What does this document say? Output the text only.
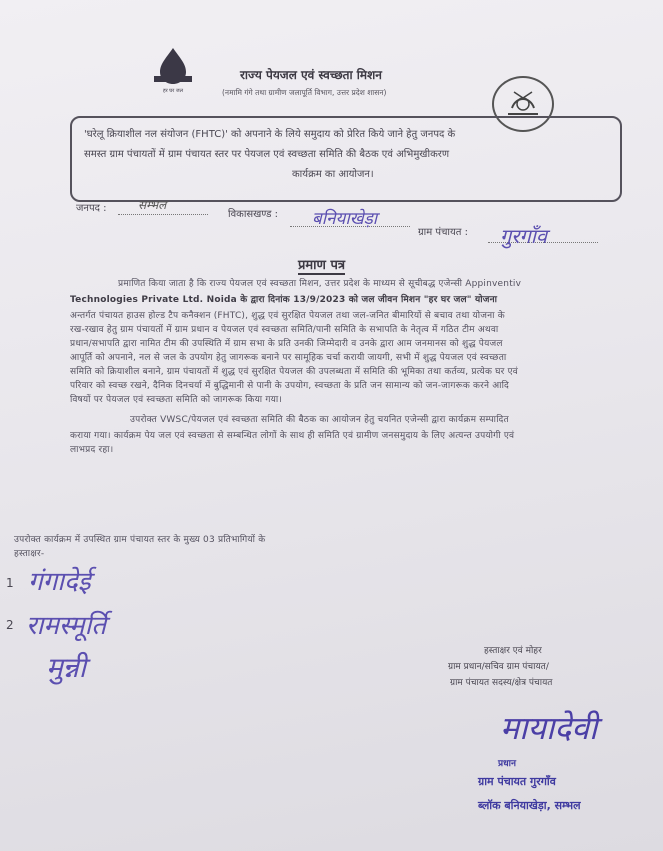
हर घर जल
राज्य पेयजल एवं स्वच्छता मिशन
(नमामि गंगे तथा ग्रामीण जलापूर्ति विभाग, उत्तर प्रदेश शासन)
'घरेलू क्रियाशील नल संयोजन (FHTC)' को अपनाने के लिये समुदाय को प्रेरित किये जाने हेतु जनपद के
समस्त ग्राम पंचायतों में ग्राम पंचायत स्तर पर पेयजल एवं स्वच्छता समिति की बैठक एवं अभिमुखीकरण
कार्यक्रम का आयोजन।
जनपद :	सम्भल
विकासखण्ड : बनियाखेड़ा
ग्राम पंचायत : गुरगाँव
प्रमाण पत्र
प्रमाणित किया जाता है कि राज्य पेयजल एवं स्वच्छता मिशन, उत्तर प्रदेश के माध्यम से सूचीबद्ध एजेन्सी Appinventiv
Technologies Private Ltd. Noida के द्वारा दिनांक 13/9/2023 को जल जीवन मिशन "हर घर जल" योजना
अन्तर्गत पंचायत हाउस होल्ड टैप कनैक्शन (FHTC), शुद्ध एवं सुरक्षित पेयजल तथा जल-जनित बीमारियों से बचाव तथा योजना के
रख-रखाव हेतु ग्राम पंचायतों में ग्राम प्रधान व पेयजल एवं स्वच्छता समिति/पानी समिति के सभापति के नेतृत्व में गठित टीम अथवा
प्रधान/सभापति द्वारा नामित टीम की उपस्थिति में ग्राम सभा के प्रति उनकी जिम्मेदारी व उनके द्वारा आम जनमानस को शुद्ध पेयजल
आपूर्ति को अपनाने, नल से जल के उपयोग हेतु जागरूक बनाने पर सामूहिक चर्चा करायी जायगी, सभी में शुद्ध पेयजल एवं स्वच्छता
समिति को क्रियाशील बनाने, ग्राम पंचायतों में शुद्ध एवं सुरक्षित पेयजल की उपलब्धता में समिति की भूमिका तथा कर्तव्य, प्रत्येक घर एवं
परिवार को स्वच्छ रखने, दैनिक दिनचर्या में बुद्धिमानी से पानी के उपयोग, स्वच्छता के प्रति जन सामान्य को जन-जागरूक करने आदि
विषयों पर पेयजल एवं स्वच्छता समिति को जागरूक किया गया।
उपरोक्त VWSC/पेयजल एवं स्वच्छता समिति की बैठक का आयोजन हेतु चयनित एजेन्सी द्वारा कार्यक्रम सम्पादित
कराया गया। कार्यक्रम पेय जल एवं स्वच्छता से सम्बन्धित लोगों के साथ ही समिति एवं ग्रामीण जनसमुदाय के लिए अत्यन्त उपयोगी एवं
लाभप्रद रहा।
उपरोक्त कार्यक्रम में उपस्थित ग्राम पंचायत स्तर के मुख्य 03 प्रतिभागियों के
हस्ताक्षर-
1 गंगादेई
2 रामस्मूर्ति
मुन्नी	हस्ताक्षर एवं मोहर
ग्राम प्रधान/सचिव ग्राम पंचायत/
ग्राम पंचायत सदस्य/क्षेत्र पंचायत
मायादेवी
प्रधान
ग्राम पंचायत गुरगाँव
ब्लॉक बनियाखेड़ा, सम्भल
